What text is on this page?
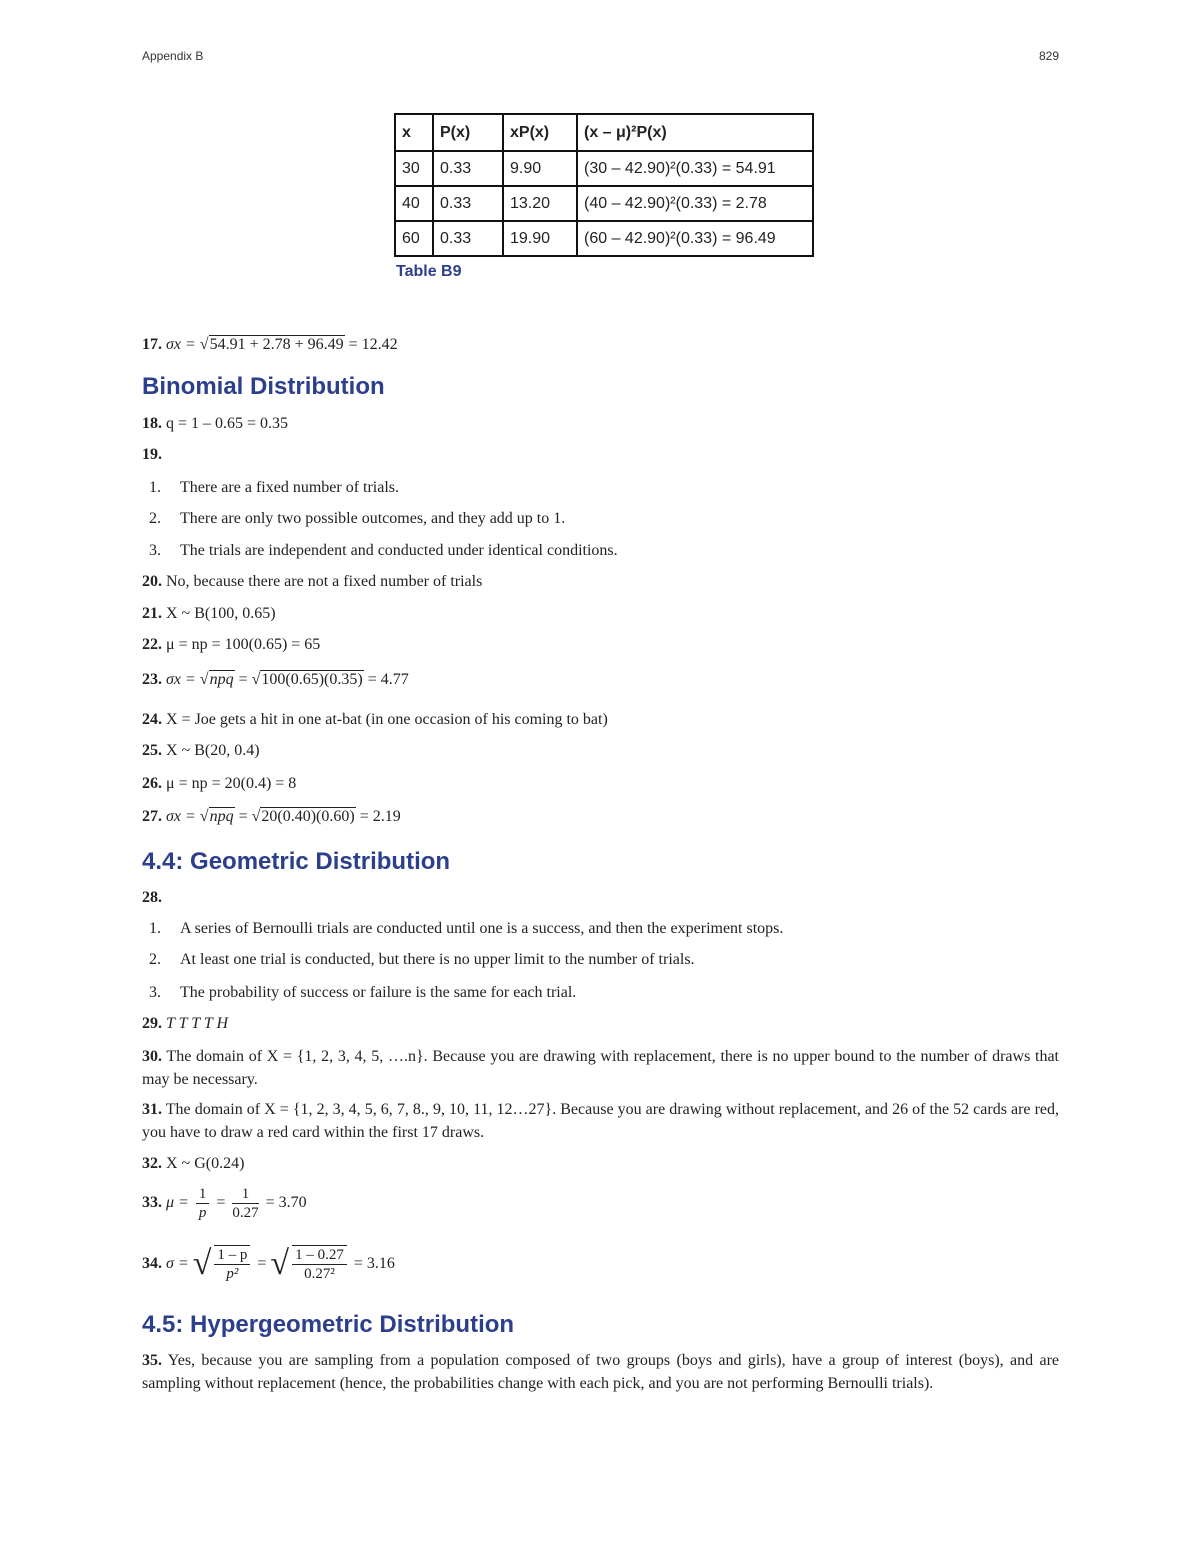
Appendix B	829
x	P(x)	xP(x)	(x – μ)²P(x)
30	0.33	9.90	(30 – 42.90)²(0.33) = 54.91
40	0.33	13.20	(40 – 42.90)²(0.33) = 2.78
60	0.33	19.90	(60 – 42.90)²(0.33) = 96.49
Table B9
17. σx = √54.91 + 2.78 + 96.49 = 12.42
Binomial Distribution
18. q = 1 – 0.65 = 0.35
19.
1. There are a fixed number of trials.
2. There are only two possible outcomes, and they add up to 1.
3. The trials are independent and conducted under identical conditions.
20. No, because there are not a fixed number of trials
21. X ~ B(100, 0.65)
22. μ = np = 100(0.65) = 65
23. σx = √npq = √100(0.65)(0.35) = 4.77
24. X = Joe gets a hit in one at-bat (in one occasion of his coming to bat)
25. X ~ B(20, 0.4)
26. μ = np = 20(0.4) = 8
27. σx = √npq = √20(0.40)(0.60) = 2.19
4.4: Geometric Distribution
28.
1. A series of Bernoulli trials are conducted until one is a success, and then the experiment stops.
2. At least one trial is conducted, but there is no upper limit to the number of trials.
3. The probability of success or failure is the same for each trial.
29. T T T T H
30. The domain of X = {1, 2, 3, 4, 5, ….n}. Because you are drawing with replacement, there is no upper bound to the number of draws that may be necessary.
31. The domain of X = {1, 2, 3, 4, 5, 6, 7, 8., 9, 10, 11, 12…27}. Because you are drawing without replacement, and 26 of the 52 cards are red, you have to draw a red card within the first 17 draws.
32. X ~ G(0.24)
33. $\mu = \frac{1}{p} = \frac{1}{0.27} = 3.70$
34. σ = √ $\frac{1 - p}{\text{p²}}$ = √ $\frac{1 - 0.27}{\text{0.27²}} = 3.16$
4.5: Hypergeometric Distribution
35. Yes, because you are sampling from a population composed of two groups (boys and girls), have a group of interest (boys), and are sampling without replacement (hence, the probabilities change with each pick, and you are not performing Bernoulli trials).
